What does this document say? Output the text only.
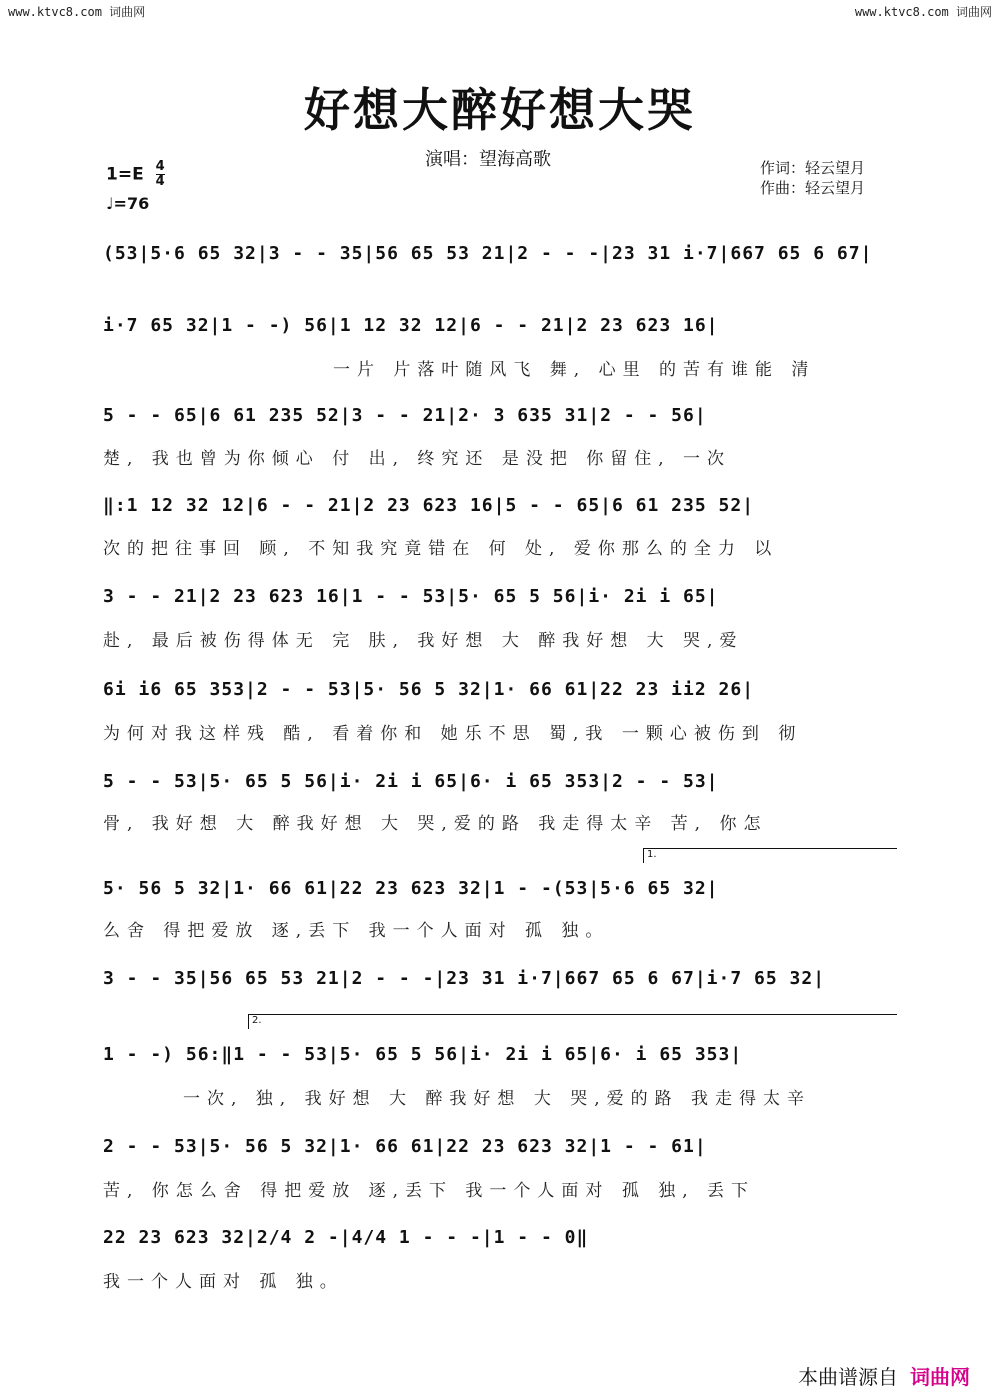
www.ktvc8.com 词曲网	www.ktvc8.com 词曲网
好想大醉好想大哭
演唱：望海高歌	作词：轻云望月
作曲：轻云望月
$1=E \frac{4}{4}$
♩=76
1.
2.
(53|5·6 65 32|3 - - 35|56 65 53 21|2 - - -|23 31 i·7|667 65 6 67|
i·7 65 32|1 - -) 56|1 12 32 12|6 - - 21|2 23 623 16|
一片 片落叶随风飞 舞, 心里 的苦有谁能 清
5 - - 65|6 61 235 52|3 - - 21|2· 3 635 31|2 - - 56|
楚, 我也曾为你倾心 付 出, 终究还 是没把 你留住, 一次
‖:1 12 32 12|6 - - 21|2 23 623 16|5 - - 65|6 61 235 52|
次的把往事回 顾, 不知我究竟错在 何 处, 爱你那么的全力 以
3 - - 21|2 23 623 16|1 - - 53|5· 65 5 56|i· 2i i 65|
赴, 最后被伤得体无 完 肤, 我好想 大 醉我好想 大 哭,爱
6i i6 65 353|2 - - 53|5· 56 5 32|1· 66 61|22 23 ii2 26|
为何对我这样残 酷, 看着你和 她乐不思 蜀,我 一颗心被伤到 彻
5 - - 53|5· 65 5 56|i· 2i i 65|6· i 65 353|2 - - 53|
骨, 我好想 大 醉我好想 大 哭,爱的路 我走得太辛 苦, 你怎
5· 56 5 32|1· 66 61|22 23 623 32|1 - -(53|5·6 65 32|
么舍 得把爱放 逐,丢下 我一个人面对 孤 独。
3 - - 35|56 65 53 21|2 - - -|23 31 i·7|667 65 6 67|i·7 65 32|
1 - -) 56:‖1 - - 53|5· 65 5 56|i· 2i i 65|6· i 65 353|
一次, 独, 我好想 大 醉我好想 大 哭,爱的路 我走得太辛
2 - - 53|5· 56 5 32|1· 66 61|22 23 623 32|1 - - 61|
苦, 你怎么舍 得把爱放 逐,丢下 我一个人面对 孤 独, 丢下
22 23 623 32|2/4 2 -|4/4 1 - - -|1 - - 0‖
我一个人面对 孤 独。
本曲谱源自 词曲网
